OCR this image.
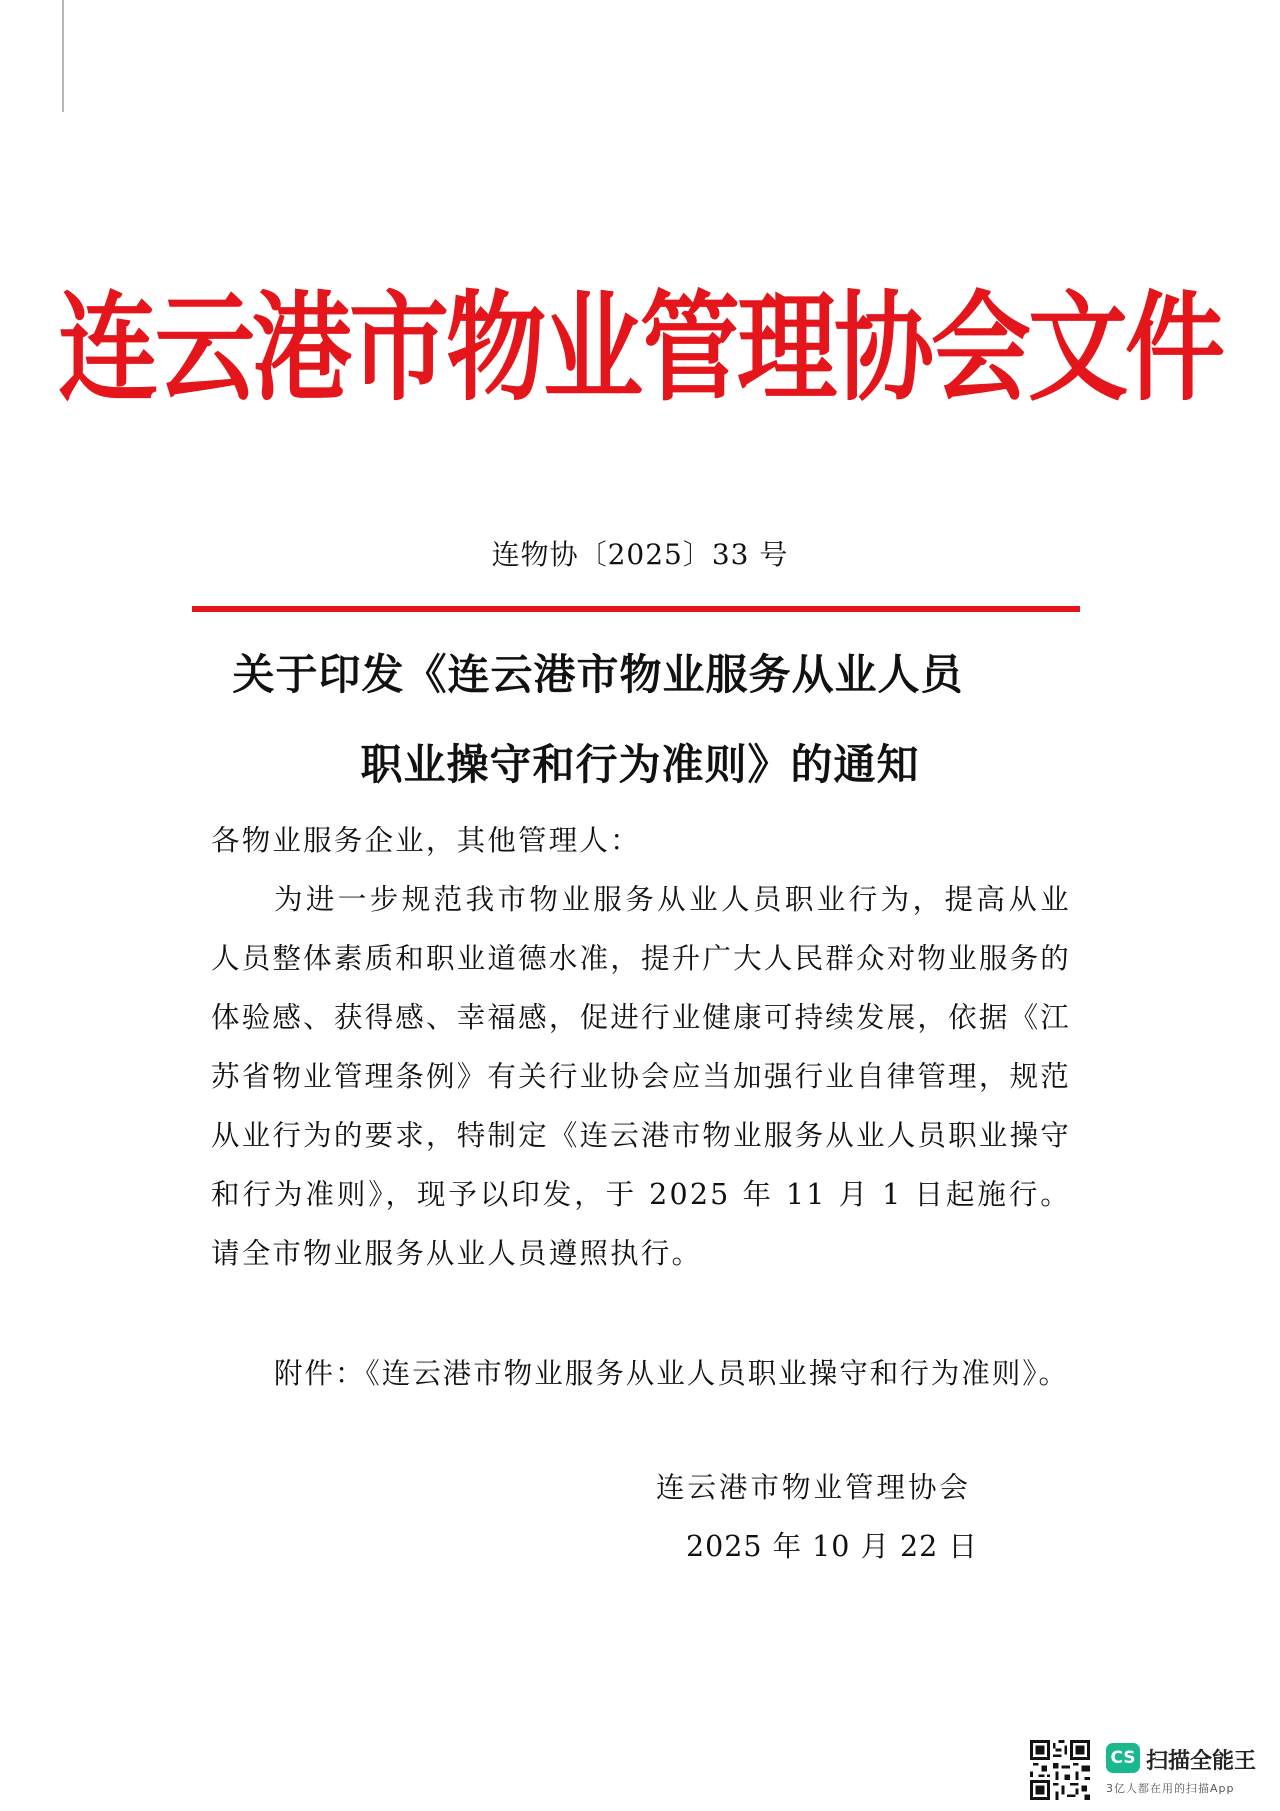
连云港市物业管理协会文件
连物协〔2025〕33 号
关于印发《连云港市物业服务从业人员
职业操守和行为准则》的通知
各物业服务企业，其他管理人：
为进一步规范我市物业服务从业人员职业行为，提高从业人员整体素质和职业道德水准，提升广大人民群众对物业服务的体验感、获得感、幸福感，促进行业健康可持续发展，依据《江苏省物业管理条例》有关行业协会应当加强行业自律管理，规范从业行为的要求，特制定《连云港市物业服务从业人员职业操守和行为准则》，现予以印发，于 2025 年 11 月 1 日起施行。请全市物业服务从业人员遵照执行。
附件：《连云港市物业服务从业人员职业操守和行为准则》。
连云港市物业管理协会
2025 年 10 月 22 日
CS 扫描全能王
3亿人都在用的扫描App
